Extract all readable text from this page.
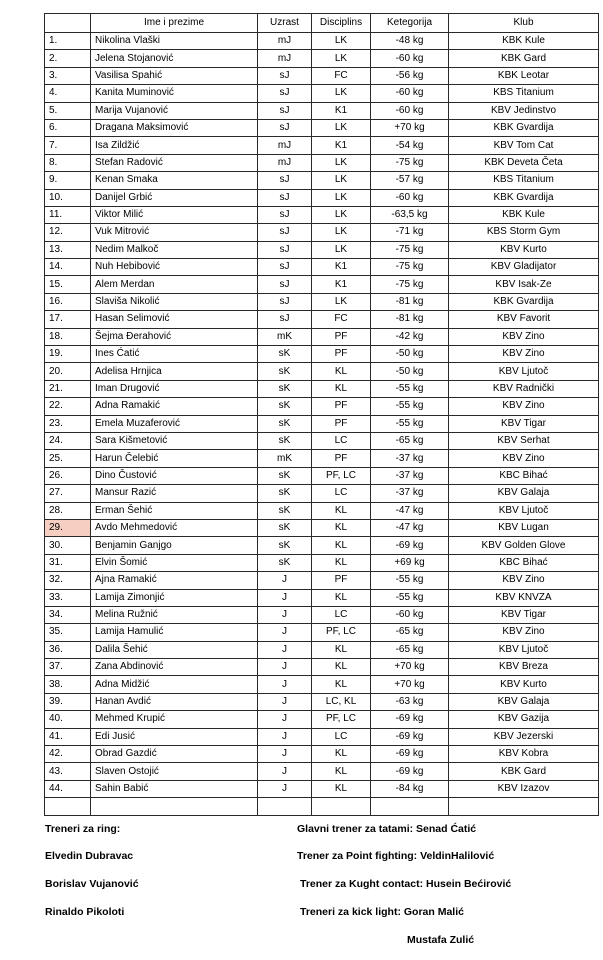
	Ime i prezime	Uzrast	Disciplins	Ketegorija	Klub
1.	Nikolina Vlaški	mJ	LK	-48 kg	KBK Kule
2.	Jelena Stojanović	mJ	LK	-60 kg	KBK Gard
3.	Vasilisa Spahić	sJ	FC	-56 kg	KBK Leotar
4.	Kanita Muminović	sJ	LK	-60 kg	KBS Titanium
5.	Marija Vujanović	sJ	K1	-60 kg	KBV Jedinstvo
6.	Dragana Maksimović	sJ	LK	+70 kg	KBK Gvardija
7.	Isa Zildžić	mJ	K1	-54 kg	KBV Tom Cat
8.	Stefan Radović	mJ	LK	-75 kg	KBK Deveta Četa
9.	Kenan Smaka	sJ	LK	-57 kg	KBS Titanium
10.	Danijel Grbić	sJ	LK	-60 kg	KBK Gvardija
11.	Viktor Milić	sJ	LK	-63,5 kg	KBK Kule
12.	Vuk Mitrović	sJ	LK	-71 kg	KBS Storm Gym
13.	Nedim Malkoč	sJ	LK	-75 kg	KBV Kurto
14.	Nuh Hebibović	sJ	K1	-75 kg	KBV Gladijator
15.	Alem Merdan	sJ	K1	-75 kg	KBV Isak-Ze
16.	Slaviša Nikolić	sJ	LK	-81 kg	KBK Gvardija
17.	Hasan Selimović	sJ	FC	-81 kg	KBV Favorit
18.	Šejma Đerahović	mK	PF	-42 kg	KBV Zino
19.	Ines Ćatić	sK	PF	-50 kg	KBV Zino
20.	Adelisa Hrnjica	sK	KL	-50 kg	KBV Ljutoč
21.	Iman Drugović	sK	KL	-55 kg	KBV Radnički
22.	Adna Ramakić	sK	PF	-55 kg	KBV Zino
23.	Emela Muzaferović	sK	PF	-55 kg	KBV Tigar
24.	Sara Kišmetović	sK	LC	-65 kg	KBV Serhat
25.	Harun Čelebić	mK	PF	-37 kg	KBV Zino
26.	Dino Čustović	sK	PF, LC	-37 kg	KBC Bihać
27.	Mansur Razić	sK	LC	-37 kg	KBV Galaja
28.	Erman Šehić	sK	KL	-47 kg	KBV Ljutoč
29.	Avdo Mehmedović	sK	KL	-47 kg	KBV Lugan
30.	Benjamin Ganjgo	sK	KL	-69 kg	KBV Golden Glove
31.	Elvin Šomić	sK	KL	+69 kg	KBC Bihać
32.	Ajna Ramakić	J	PF	-55 kg	KBV Zino
33.	Lamija Zimonjić	J	KL	-55 kg	KBV KNVZA
34.	Melina Ružnić	J	LC	-60 kg	KBV Tigar
35.	Lamija Hamulić	J	PF, LC	-65 kg	KBV Zino
36.	Dalila Šehić	J	KL	-65 kg	KBV Ljutoč
37.	Zana Abdinović	J	KL	+70 kg	KBV Breza
38.	Adna Midžić	J	KL	+70 kg	KBV Kurto
39.	Hanan Avdić	J	LC, KL	-63 kg	KBV Galaja
40.	Mehmed Krupić	J	PF, LC	-69 kg	KBV Gazija
41.	Edi Jusić	J	LC	-69 kg	KBV Jezerski
42.	Obrad Gazdić	J	KL	-69 kg	KBV Kobra
43.	Slaven Ostojić	J	KL	-69 kg	KBK Gard
44.	Sahin Babić	J	KL	-84 kg	KBV Izazov

Treneri za ring:
Elvedin Dubravac
Borislav Vujanović
Rinaldo Pikoloti
Glavni trener za tatami: Senad Ćatić
Trener za Point fighting: VeldinHalilović
Trener za Kught contact: Husein Bećirović
Treneri za kick light: Goran Malić
Mustafa Zulić
